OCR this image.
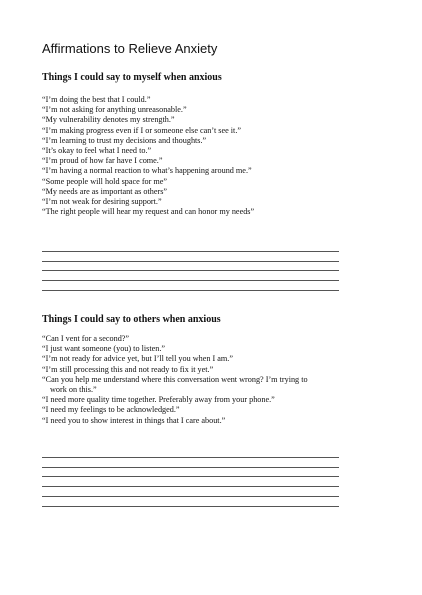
Affirmations to Relieve Anxiety
Things I could say to myself when anxious
“I’m doing the best that I could.”
“I’m not asking for anything unreasonable.”
“My vulnerability denotes my strength.”
“I’m making progress even if I or someone else can’t see it.”
“I’m learning to trust my decisions and thoughts.”
“It’s okay to feel what I need to.”
“I’m proud of how far have I come.”
“I’m having a normal reaction to what’s happening around me.”
“Some people will hold space for me”
“My needs are as important as others”
“I’m not weak for desiring support.”
“The right people will hear my request and can honor my needs”
Things I could say to others when anxious
“Can I vent for a second?”
“I just want someone (you) to listen.”
“I’m not ready for advice yet, but I’ll tell you when I am.”
“I’m still processing this and not ready to fix it yet.”
“Can you help me understand where this conversation went wrong? I’m trying to work on this.”
“I need more quality time together. Preferably away from your phone.”
“I need my feelings to be acknowledged.”
“I need you to show interest in things that I care about.”
